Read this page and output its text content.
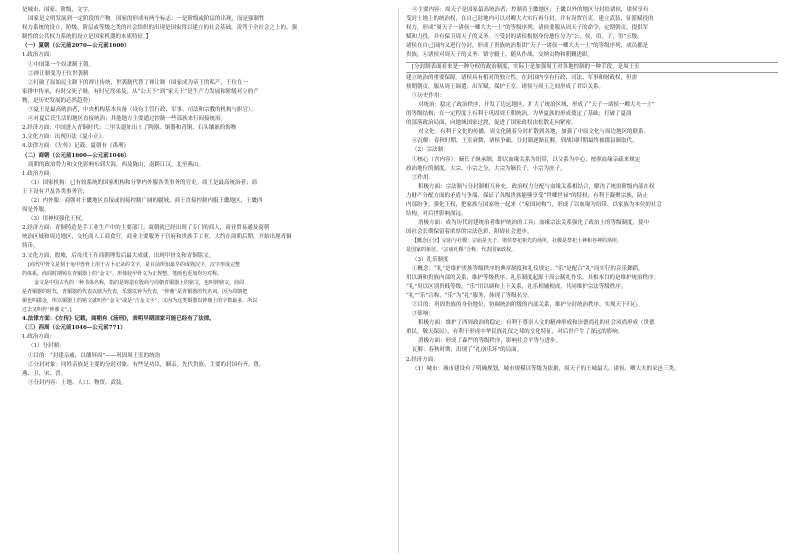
是城市、国家、阶级、文字。
国家是文明发展到一定阶段的产物。国家的形成有两个标志：一是阶级或阶层的出现，而是强制性
权力系统的设立，阶级、阶层或等级之类的社会组织的出现是国家得以建立的社会基础，凌驾于全社会之上的、强
制性的公共权力系统的设立是国家机器的本质特征。】
（一）夏朝（公元前2070—公元前1600）
1.政治方面：
①中国第一个奴隶制王朝。
②禅让制变为王位世袭制
②打破了原始民主制下的禅让传统，世袭制代替了禅让制（国家成为帝王的私产，王位在一
家排中传承，有时父死子继，有时兄终弟及，从“公天下”到“家天下”是生产力发展和阶级对立的产
物，是历史发展的必然趋势）
③夏王是最高统治者，中央机构基本具备（设有主管行政、军事、司法和宗教的机构与职官）；
④对夏后氏生活的地区直接统治；其他地方主要通过控制一些部族来行间接统治。
2.经济方面：中国进入青铜时代；二里头遗址出土了陶器、铜器和青铜、石头镶嵌的饰物
3.文化方面：出现历法《夏小正》。
4.法律方面：《左传》记载，夏朝有《禹刑》
（二）商朝（公元前1600—公元前1046）
商朝的政治势力和文化影响东到大海，西及陇山，南跨江汉，北至燕山。
1.政治方面：
（1）国家机构：已有较系统的国家机构和分掌内外服各类事务的官吏。商王是最高统治者；商
王下设有尹及各类事务官；
（2）内外服：商朝对王畿地区直接或间接控制广阔的疆域。商王直接控制内服王畿地区，王畿四
周是外服。
（3）用神权强化王权。
2.经济方面：青铜铸造是手工业生产中的主要部门；商朝就已经出现了专门的商人，商业贸易通及商朝
统治区域和周边地区，交托商人工商食官，商业主要服务于宫府和贵族手工业，大约在商朝后期，开始出现青铜
铸币。
3.文化方面：殷墟，后母戊王在商朝理发后最大成就，出现甲骨文和青铜铭文。
[商代甲骨文是刻于龟甲兽骨上用于占卜记录的文字，是目前所知最早的成熟汉字，汉字形成完整
的体系。商周时期铸在青铜器上的“金文”，形体较甲骨文为正规整，笔画也更加均匀对称。
金文是中国古代的一种书体名称，指的是铸造在殷商与周朝青铜器上的铭文，也叫钟鼎文。商周
是青铜器的时代，青铜器的代表以鼎为代表，乐器以钟为代表，“钟鼎”是青铜器的代名词。因为周朝把
铜也叫做金，所以铜器上的铭文就叫作“金文”或是“吉金文字”；又因为这类铜器以钟鼎上的字数最多，所以
过去又叫作“钟鼎文”。]
4.法律方面：《左传》记载，商朝有《汤刑》，表明早期国家可能已经有了法律。
（三）西周（公元前1046—公元前771）
1.政治方面：
（1）分封制：
①目的：“封建亲戚，以藩屏周”——巩固周王室的统治
②分封对象：同姓亲族是主要的分封对象，有些是功臣，姻亲，先代贵族。主要的封国有齐，鲁，
燕、卫、宋、晋。
③分封内容：土地、人口、物资、武装。
④主要内容：周天子是国家最高统治者；控制着王畿地区；王畿以外的地区分封给诸侯，诸侯享有
受封土地上的统治权，在自己封地内可以对卿大夫实行再分封，并有设置官吏、建立武装、征派赋役的
权力，形成“周天子一诸侯一卿大夫一士”的等级序列；诸侯要服从周天子的命令，定期朝贡，提供军
赋和力役，并有保卫周天子的义务。⑤受封的诸侯根据身份地位分为“公，侯，伯，子，男”五级，
诸侯在自己国内又进行分封，形成了贵族统治集团“天子一诸侯一卿大夫一士”的等级序列，成员都是
贵族。⑥诸侯对周天子的义务：镇守疆土，随从作战、交纳贡物和朝觐述职。
[分封制表面看来是一种分权的政治制度，实际上是加强周王对各地控制的一种手段，是周王室
建立统治的重要保障。诸侯具有相对的独立性，在封国内享有行政、司法、军事和财政权，但需
按期朝贡，服从周王调遣，出军赋，保护王室。诸侯与周王之间形成了君臣关系。
⑤历史作用：
对统治：稳定了政治秩序，开发了边远地区，扩大了统治区域，形成了“天子一诸侯一卿大夫一士”
的等级结构；在一定程度上有利于巩固周王朝统治，为华夏族的形成奠定了基础；打破了夏商
的部落政治局面，向地域国家过渡，促进了国家政权由松散走向紧密。
对文化：有利于文化的传播，周文化随着分封扩散到各地，加强了中原文化与周边地区的联系。
⑥瓦解：春秋时期，王室衰微，诸侯争霸，分封制逐渐瓦解，到战国时期最终被郡县制取代。
（2）宗法制：
①核心（含内容）：嫡长子继承制，即以血缘关系为纽带，以父系为中心，按照血缘亲疏来规定
政治地位的制度。大宗、小宗之分，大宗为嫡长子，小宗为庶子。
②作用：
积极方面：宗法制与分封制相互补充，政治权力分配与血缘关系相结合，解决了统治阶级内部在权
力财产分配方面的矛盾与争端，保证了各级贵族能够享受“世卿世禄”的特权；有利于凝聚宗族，防止
内部纷争，强化王权，把家族与国家统一起来（“家国同构”），形成了以血缘为纽带、以家族为本位的社会
结构，对后世影响深远。
消极方面：成为历代封建统治者维护统治的工具；血缘宗法关系强化了政治上的等级制度，使中
国社会长期保留着浓厚的宗法色彩，阻碍社会进步。
【概念区分】宗庙与社稷：宗庙是天子、诸侯祭祀祖先的场所，社稷是祭祀土神和谷神的场所，
是国家的象征。“宗庙社稷”合称，代表国家政权。
（3）礼乐制度
①概念：“礼”是维护贵族等级秩序的典章制度和礼仪规定；“乐”是配合“礼”而实行的音乐舞蹈，
用以调和贵族内部的关系，维护等级秩序。礼乐制度起源于周公制礼作乐，其根本目的是维护统治秩序。
“礼”用以区别贵贱等级，“乐”用以调和上下关系，礼乐相辅相成，共同维护宗法等级秩序。
“礼”“乐”合称，“乐”为“礼”服务，体现了等级名分。
②目的：巩固贵族的身份地位，协调统治阶级的内部关系，维护分封统治秩序，实现天下归心。
③影响：
积极方面：维护了西周政治的稳定；有利于尊崇人文的精神形成和崇德尚礼的社会风尚形成（贵德
重民，敬天保民），有利于形成中华民族礼仪之邦的文化特征，对后世产生了深远的影响。
消极方面：形成了森严的等级秩序，影响社会平等与进步。
瓦解：春秋时期，出现了“礼崩乐坏”的局面。
2.经济方面：
（1）城市：城市建设有了明确规划，城市规模以等级为依据，周天子的王城最大，诸侯、卿大夫的采邑三类。
